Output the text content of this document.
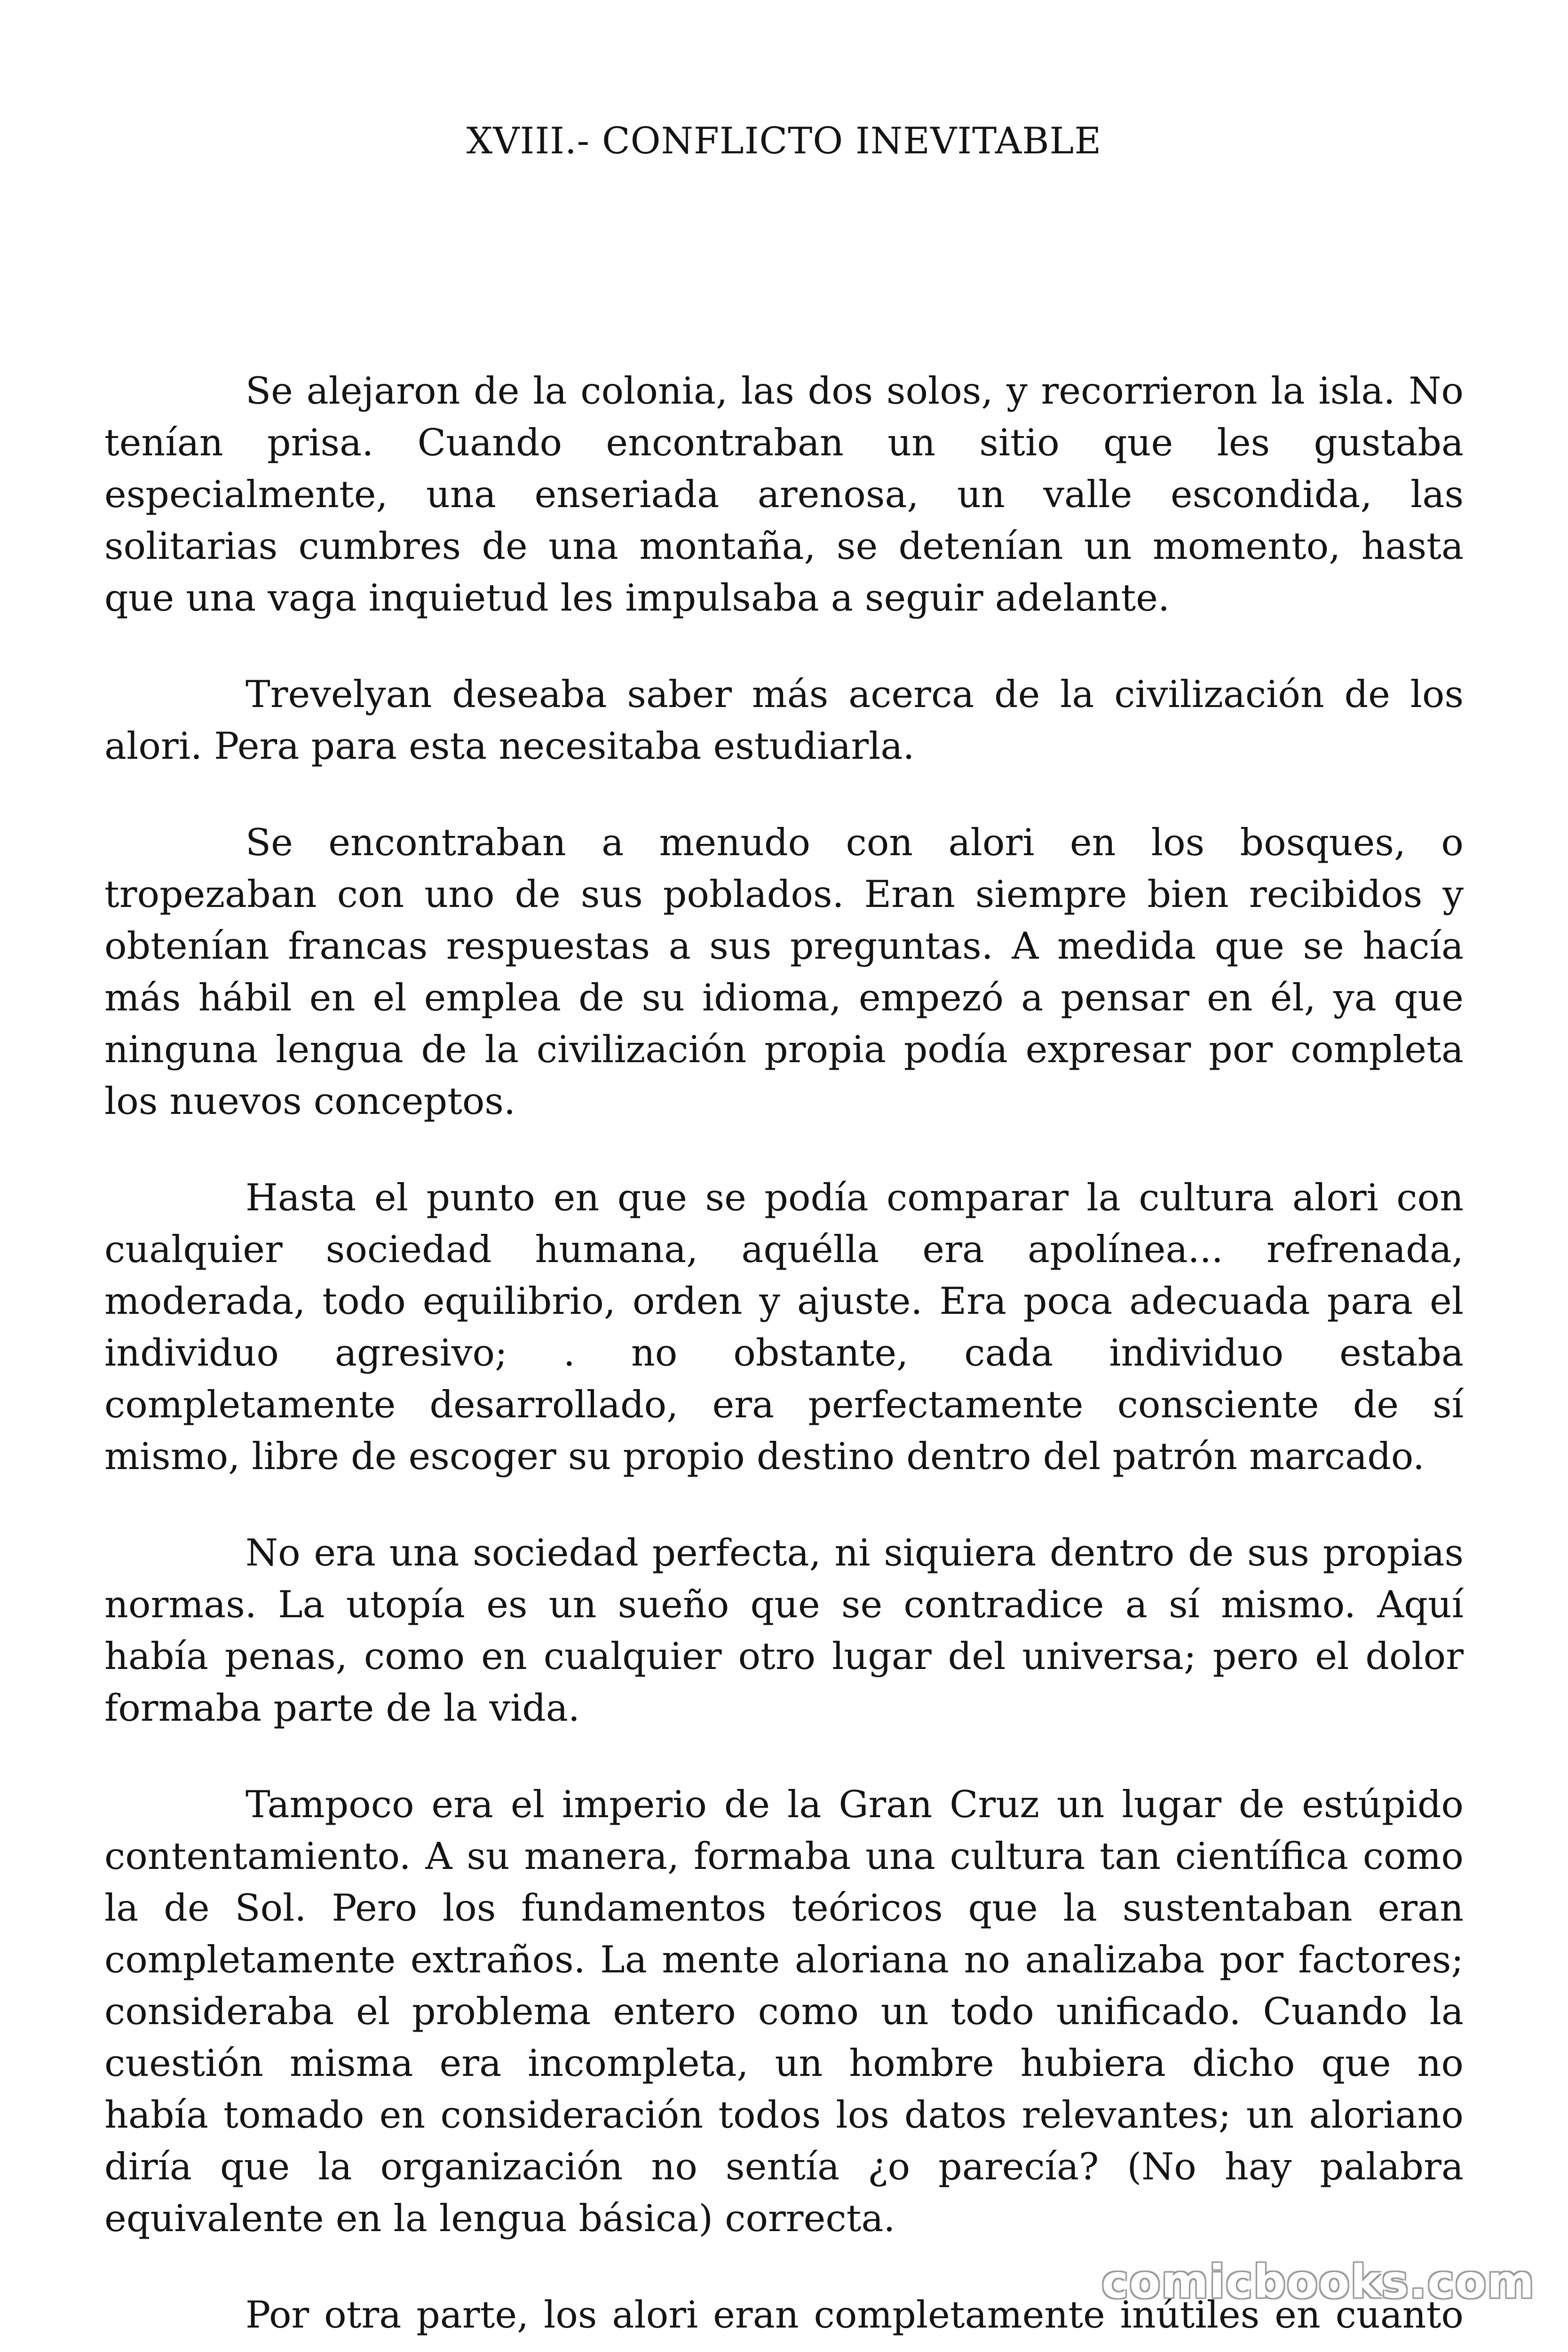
XVIII.- CONFLICTO INEVITABLE

Se alejaron de la colonia, las dos solos, y recorrieron la isla. No
tenían prisa. Cuando encontraban un sitio que les gustaba
especialmente, una enseriada arenosa, un valle escondida, las
solitarias cumbres de una montaña, se detenían un momento, hasta
que una vaga inquietud les impulsaba a seguir adelante.

Trevelyan deseaba saber más acerca de la civilización de los
alori. Pera para esta necesitaba estudiarla.

Se encontraban a menudo con alori en los bosques, o
tropezaban con uno de sus poblados. Eran siempre bien recibidos y
obtenían francas respuestas a sus preguntas. A medida que se hacía
más hábil en el emplea de su idioma, empezó a pensar en él, ya que
ninguna lengua de la civilización propia podía expresar por completa
los nuevos conceptos.

Hasta el punto en que se podía comparar la cultura alori con
cualquier sociedad humana, aquélla era apolínea... refrenada,
moderada, todo equilibrio, orden y ajuste. Era poca adecuada para el
individuo agresivo; . no obstante, cada individuo estaba
completamente desarrollado, era perfectamente consciente de sí
mismo, libre de escoger su propio destino dentro del patrón marcado.

No era una sociedad perfecta, ni siquiera dentro de sus propias
normas. La utopía es un sueño que se contradice a sí mismo. Aquí
había penas, como en cualquier otro lugar del universa; pero el dolor
formaba parte de la vida.

Tampoco era el imperio de la Gran Cruz un lugar de estúpido
contentamiento. A su manera, formaba una cultura tan científica como
la de Sol. Pero los fundamentos teóricos que la sustentaban eran
completamente extraños. La mente aloriana no analizaba por factores;
consideraba el problema entero como un todo unificado. Cuando la
cuestión misma era incompleta, un hombre hubiera dicho que no
había tomado en consideración todos los datos relevantes; un aloriano
diría que la organización no sentía ¿o parecía? (No hay palabra
equivalente en la lengua básica) correcta.

Por otra parte, los alori eran completamente inútiles en cuanto

comicbooks.com
